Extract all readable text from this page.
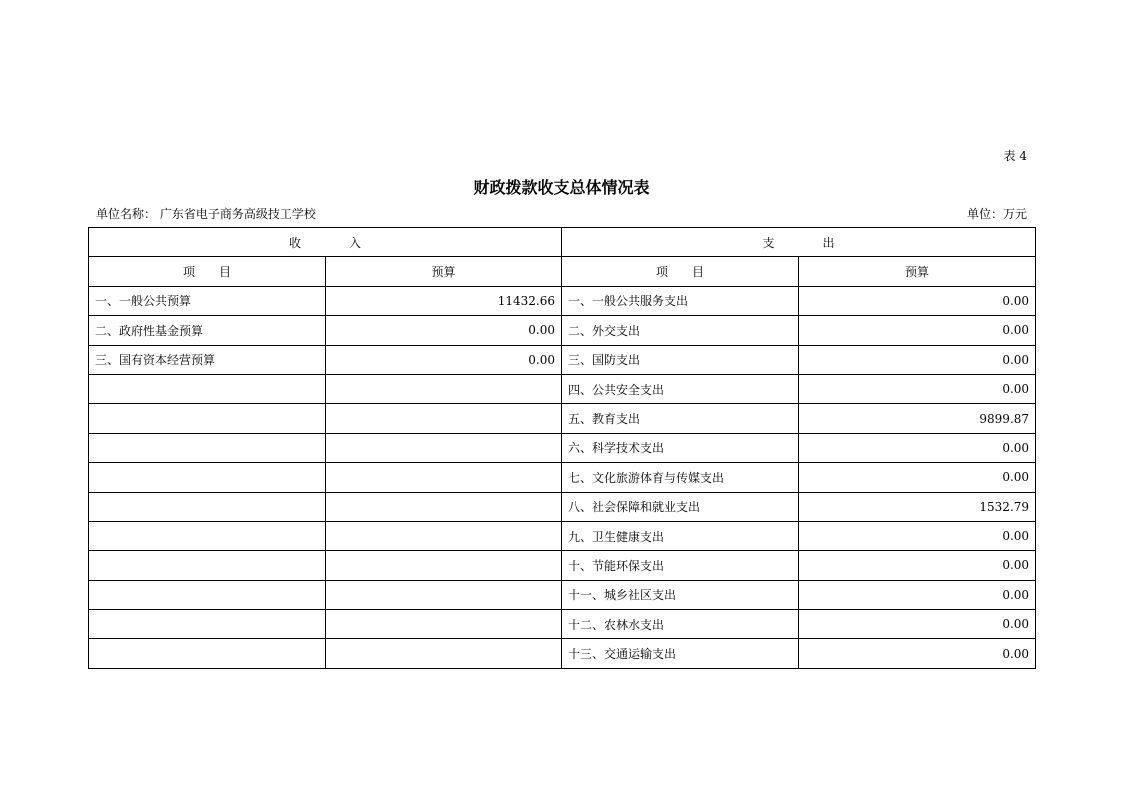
表 4
财政拨款收支总体情况表
单位名称： 广东省电子商务高级技工学校	单位：万元
收　　　　入		支　　　　出	
项　　目	预算	项　　目	预算
一、一般公共预算	11432.66	一、一般公共服务支出	0.00
二、政府性基金预算	0.00	二、外交支出	0.00
三、国有资本经营预算	0.00	三、国防支出	0.00
		四、公共安全支出	0.00
		五、教育支出	9899.87
		六、科学技术支出	0.00
		七、文化旅游体育与传媒支出	0.00
		八、社会保障和就业支出	1532.79
		九、卫生健康支出	0.00
		十、节能环保支出	0.00
		十一、城乡社区支出	0.00
		十二、农林水支出	0.00
		十三、交通运输支出	0.00
